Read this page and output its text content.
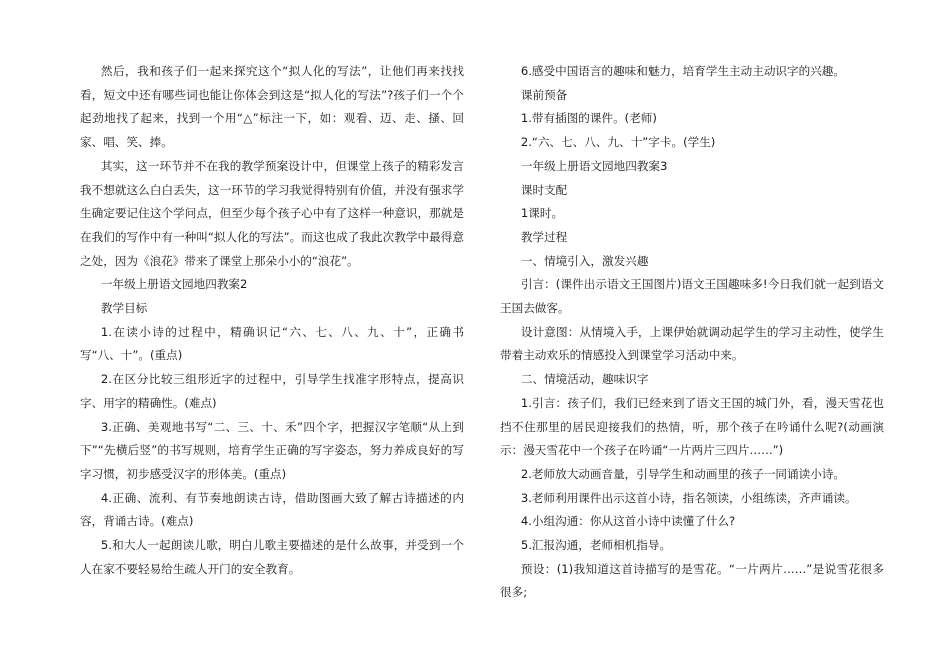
然后，我和孩子们一起来探究这个“拟人化的写法”，让他们再来找找看，短文中还有哪些词也能让你体会到这是“拟人化的写法”?孩子们一个个起劲地找了起来，找到一个用“△”标注一下，如：观看、迈、走、搔、回家、唱、笑、捧。

其实，这一环节并不在我的教学预案设计中，但课堂上孩子的精彩发言我不想就这么白白丢失，这一环节的学习我觉得特别有价值，并没有强求学生确定要记住这个学问点，但至少每个孩子心中有了这样一种意识，那就是在我们的写作中有一种叫“拟人化的写法”。而这也成了我此次教学中最得意之处，因为《浪花》带来了课堂上那朵小小的“浪花”。

一年级上册语文园地四教案2

教学目标

1.在读小诗的过程中，精确识记“六、七、八、九、十”，正确书写“八、十”。(重点)

2.在区分比较三组形近字的过程中，引导学生找准字形特点，提高识字、用字的精确性。(难点)

3.正确、美观地书写“二、三、十、禾”四个字，把握汉字笔顺“从上到下”“先横后竖”的书写规则，培育学生正确的写字姿态，努力养成良好的写字习惯，初步感受汉字的形体美。(重点)

4.正确、流利、有节奏地朗读古诗，借助图画大致了解古诗描述的内容，背诵古诗。(难点)

5.和大人一起朗读儿歌，明白儿歌主要描述的是什么故事，并受到一个人在家不要轻易给生疏人开门的安全教育。

6.感受中国语言的趣味和魅力，培育学生主动主动识字的兴趣。

课前预备

1.带有插图的课件。(老师)

2.“六、七、八、九、十”字卡。(学生)

一年级上册语文园地四教案3

课时支配

1课时。

教学过程

一、情境引入，激发兴趣

引言：(课件出示语文王国图片)语文王国趣味多!今日我们就一起到语文王国去做客。

设计意图：从情境入手，上课伊始就调动起学生的学习主动性，使学生带着主动欢乐的情感投入到课堂学习活动中来。

二、情境活动，趣味识字

1.引言：孩子们，我们已经来到了语文王国的城门外，看，漫天雪花也挡不住那里的居民迎接我们的热情，听，那个孩子在吟诵什么呢?(动画演示：漫天雪花中一个孩子在吟诵“一片两片三四片……”)

2.老师放大动画音量，引导学生和动画里的孩子一同诵读小诗。

3.老师利用课件出示这首小诗，指名领读，小组练读，齐声诵读。

4.小组沟通：你从这首小诗中读懂了什么?

5.汇报沟通，老师相机指导。

预设：(1)我知道这首诗描写的是雪花。“一片两片……”是说雪花很多很多;
